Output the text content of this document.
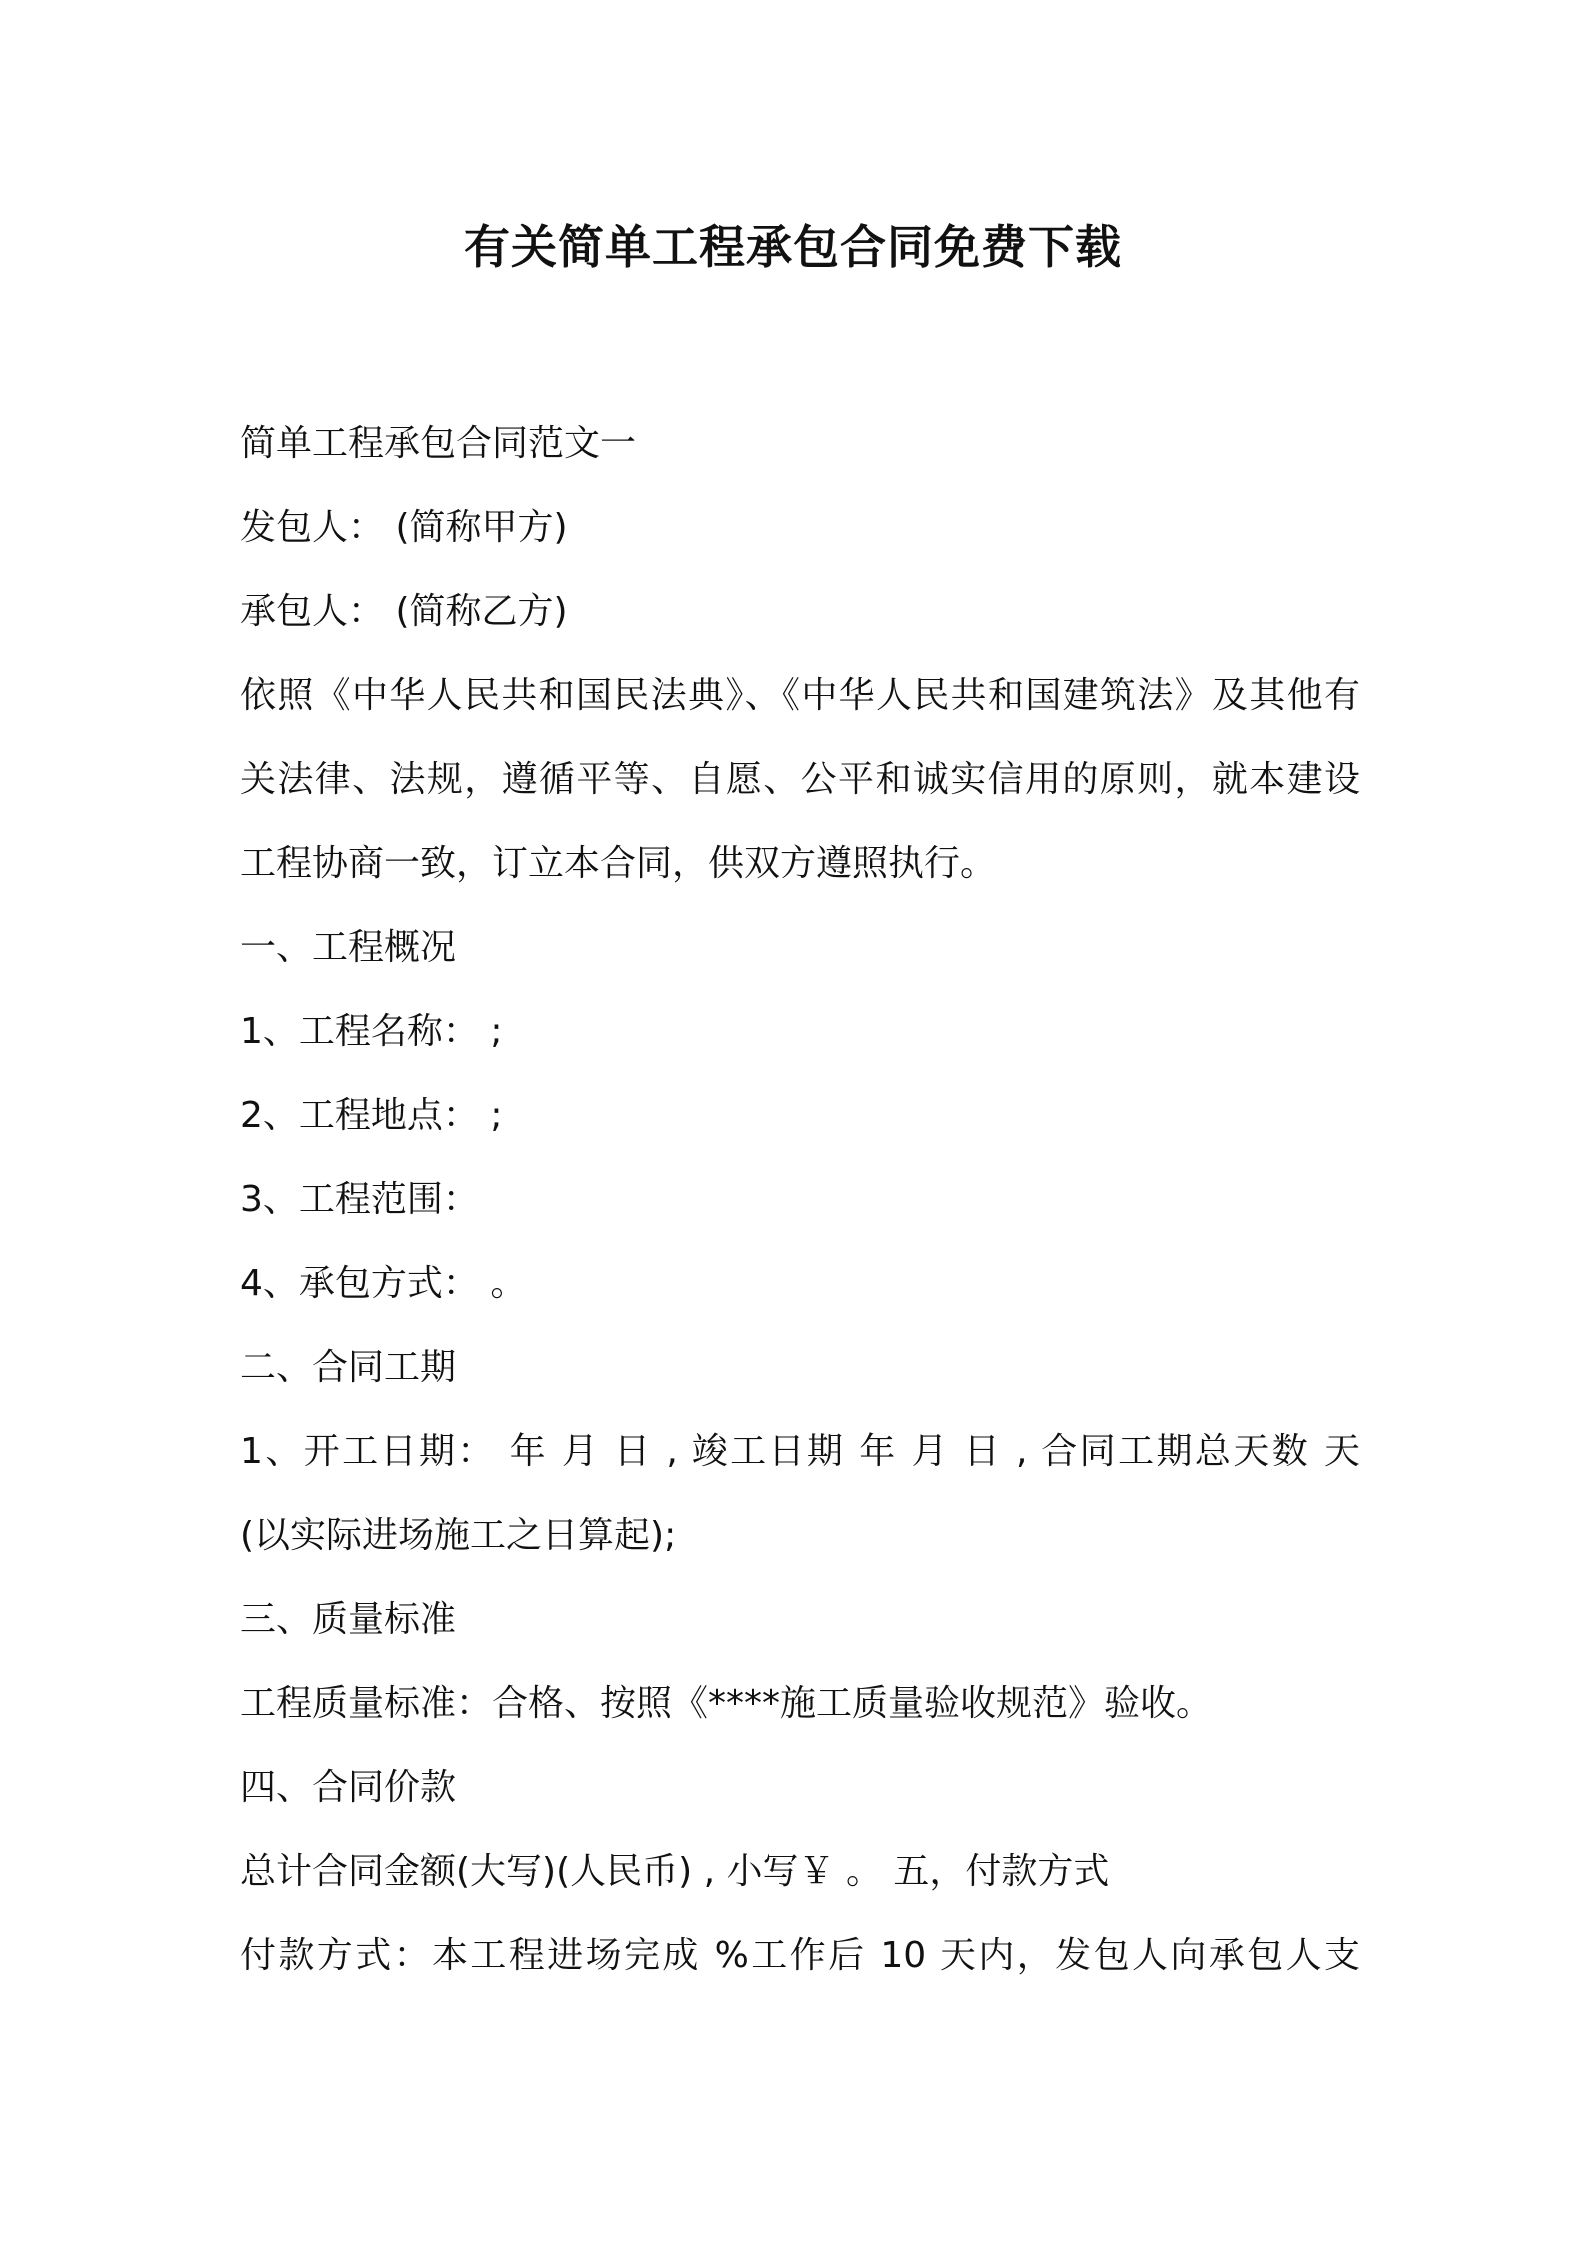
有关简单工程承包合同免费下载

简单工程承包合同范文一

发包人： (简称甲方)

承包人： (简称乙方)

依照《中华人民共和国民法典》、《中华人民共和国建筑法》及其他有

关法律、法规，遵循平等、自愿、公平和诚实信用的原则，就本建设

工程协商一致，订立本合同，供双方遵照执行。

一、工程概况

1、工程名称： ;

2、工程地点： ;

3、工程范围：

4、承包方式： 。

二、合同工期

1、开工日期： 年 月 日 , 竣工日期 年 月 日 , 合同工期总天数 天

(以实际进场施工之日算起);

三、质量标准

工程质量标准：合格、按照《****施工质量验收规范》验收。

四、合同价款

总计合同金额(大写)(人民币) , 小写￥ 。 五，付款方式

付款方式：本工程进场完成 %工作后 10 天内，发包人向承包人支
